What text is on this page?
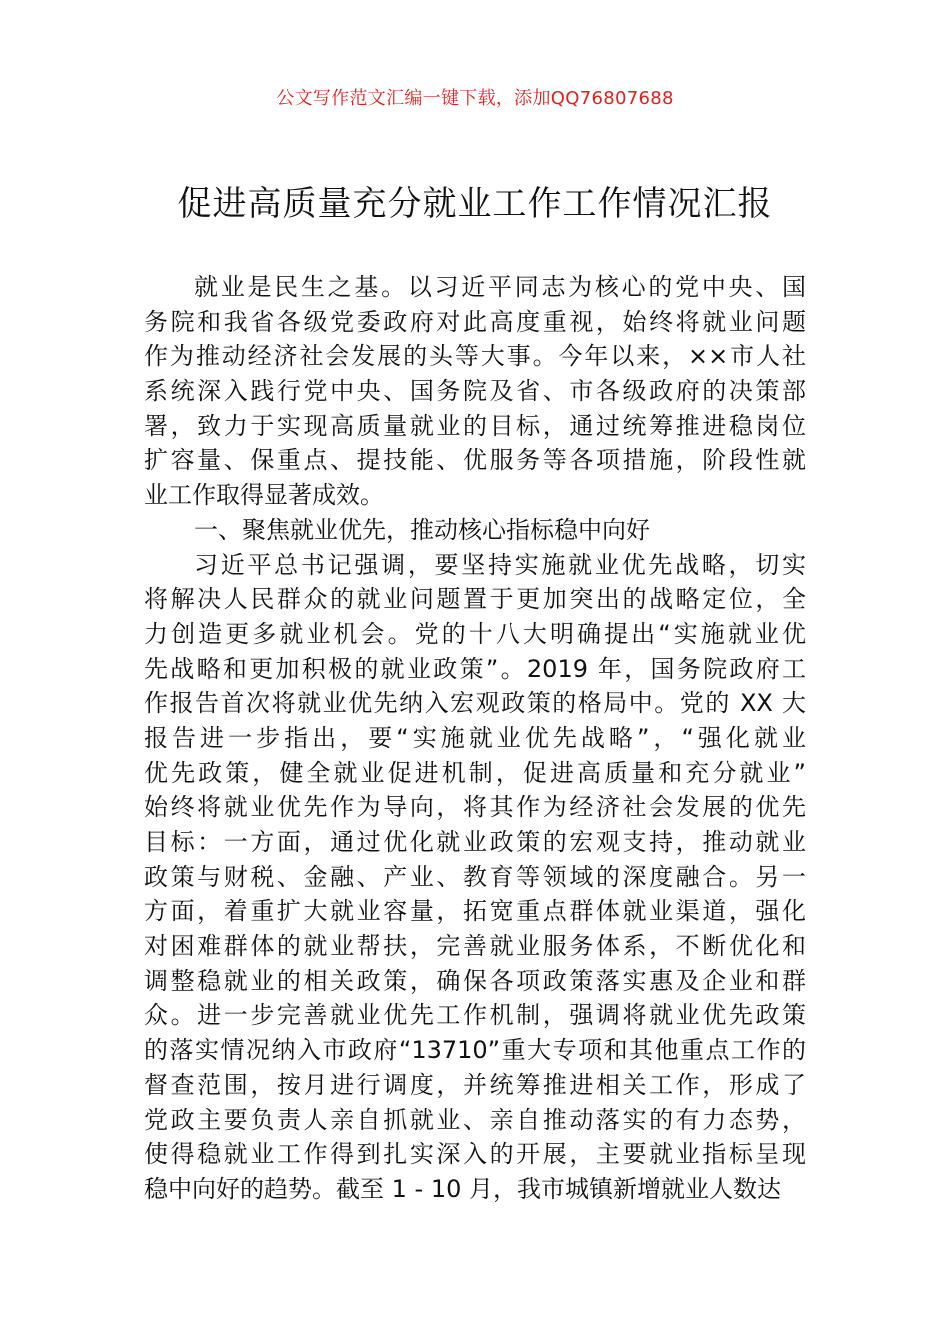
公文写作范文汇编一键下载，添加QQ76807688
促进高质量充分就业工作工作情况汇报
就业是民生之基。以习近平同志为核心的党中央、国
务院和我省各级党委政府对此高度重视，始终将就业问题
作为推动经济社会发展的头等大事。今年以来，××市人社
系统深入践行党中央、国务院及省、市各级政府的决策部
署，致力于实现高质量就业的目标，通过统筹推进稳岗位
扩容量、保重点、提技能、优服务等各项措施，阶段性就
业工作取得显著成效。
一、聚焦就业优先，推动核心指标稳中向好
习近平总书记强调，要坚持实施就业优先战略，切实
将解决人民群众的就业问题置于更加突出的战略定位，全
力创造更多就业机会。党的十八大明确提出“实施就业优
先战略和更加积极的就业政策”。2019 年，国务院政府工
作报告首次将就业优先纳入宏观政策的格局中。党的 XX 大
报告进一步指出，要“实施就业优先战略”，“强化就业
优先政策，健全就业促进机制，促进高质量和充分就业”
始终将就业优先作为导向，将其作为经济社会发展的优先
目标：一方面，通过优化就业政策的宏观支持，推动就业
政策与财税、金融、产业、教育等领域的深度融合。另一
方面，着重扩大就业容量，拓宽重点群体就业渠道，强化
对困难群体的就业帮扶，完善就业服务体系，不断优化和
调整稳就业的相关政策，确保各项政策落实惠及企业和群
众。进一步完善就业优先工作机制，强调将就业优先政策
的落实情况纳入市政府“13710”重大专项和其他重点工作的
督查范围，按月进行调度，并统筹推进相关工作，形成了
党政主要负责人亲自抓就业、亲自推动落实的有力态势，
使得稳就业工作得到扎实深入的开展，主要就业指标呈现
稳中向好的趋势。截至 1 - 10 月，我市城镇新增就业人数达
